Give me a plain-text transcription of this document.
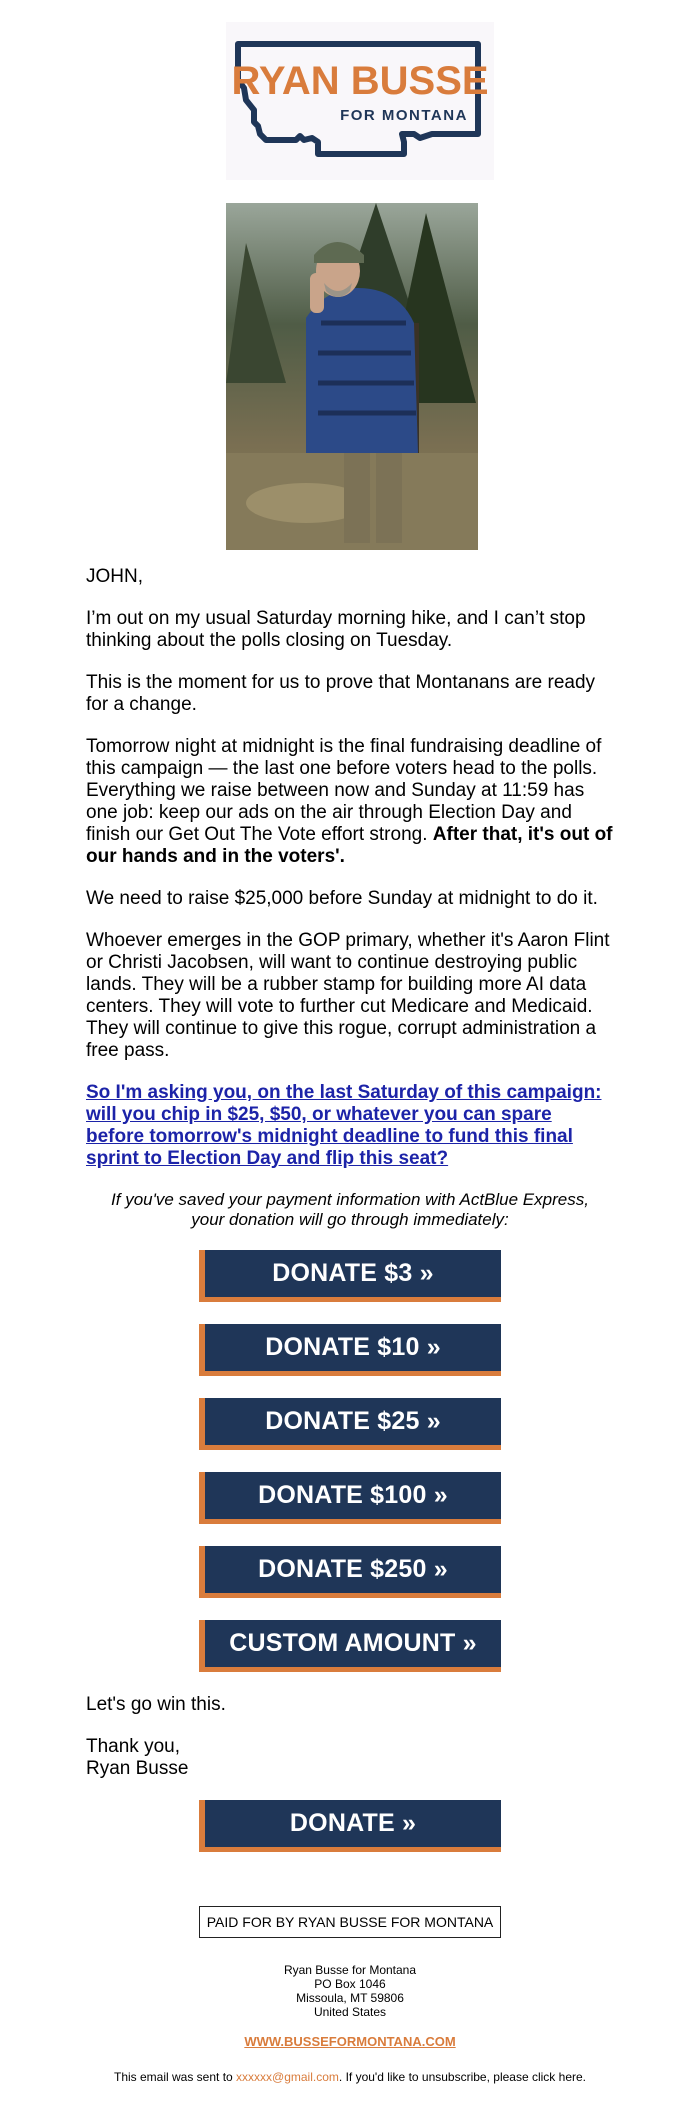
RYAN BUSSE
FOR MONTANA

JOHN,

I’m out on my usual Saturday morning hike, and I can’t stop thinking about the polls closing on Tuesday.

This is the moment for us to prove that Montanans are ready for a change.

Tomorrow night at midnight is the final fundraising deadline of this campaign — the last one before voters head to the polls. Everything we raise between now and Sunday at 11:59 has one job: keep our ads on the air through Election Day and finish our Get Out The Vote effort strong. After that, it's out of our hands and in the voters'.

We need to raise $25,000 before Sunday at midnight to do it.

Whoever emerges in the GOP primary, whether it's Aaron Flint or Christi Jacobsen, will want to continue destroying public lands. They will be a rubber stamp for building more AI data centers. They will vote to further cut Medicare and Medicaid. They will continue to give this rogue, corrupt administration a free pass.

So I'm asking you, on the last Saturday of this campaign: will you chip in $25, $50, or whatever you can spare before tomorrow's midnight deadline to fund this final sprint to Election Day and flip this seat?

If you've saved your payment information with ActBlue Express, your donation will go through immediately:

DONATE $3 »
DONATE $10 »
DONATE $25 »
DONATE $100 »
DONATE $250 »
CUSTOM AMOUNT »

Let's go win this.

Thank you,
Ryan Busse

DONATE »
PAID FOR BY RYAN BUSSE FOR MONTANA
Ryan Busse for Montana
PO Box 1046
Missoula, MT 59806
United States
WWW.BUSSEFORMONTANA.COM
This email was sent to xxxxxx@gmail.com. If you'd like to unsubscribe, please click here.
